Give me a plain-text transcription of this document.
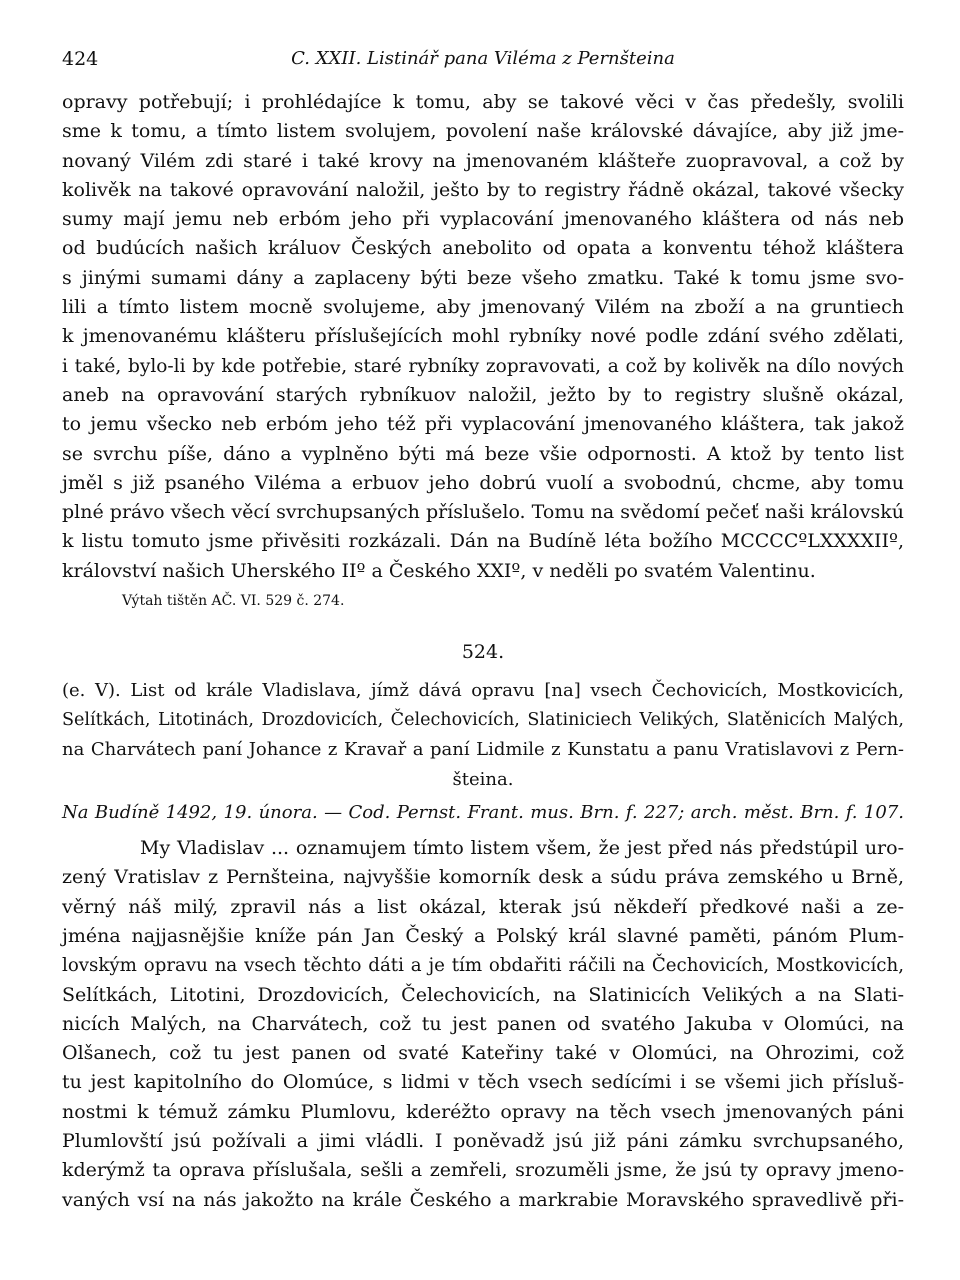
424	C. XXII. Listinář pana Viléma z Pernšteina
opravy potřebují; i prohlédajíce k tomu, aby se takové věci v čas předešly, svolili
sme k tomu, a tímto listem svolujem, povolení naše královské dávajíce, aby již jme-
novaný Vilém zdi staré i také krovy na jmenovaném klášteře zuopravoval, a což by
kolivěk na takové opravování naložil, ješto by to registry řádně okázal, takové všecky
sumy mají jemu neb erbóm jeho při vyplacování jmenovaného kláštera od nás neb
od budúcích našich králuov Českých anebolito od opata a konventu téhož kláštera
s jinými sumami dány a zaplaceny býti beze všeho zmatku. Také k tomu jsme svo-
lili a tímto listem mocně svolujeme, aby jmenovaný Vilém na zboží a na gruntiech
k jmenovanému klášteru příslušejících mohl rybníky nové podle zdání svého zdělati,
i také, bylo-li by kde potřebie, staré rybníky zopravovati, a což by kolivěk na dílo nových
aneb na opravování starých rybníkuov naložil, ježto by to registry slušně okázal,
to jemu všecko neb erbóm jeho též při vyplacování jmenovaného kláštera, tak jakož
se svrchu píše, dáno a vyplněno býti má beze všie odpornosti. A ktož by tento list
jměl s již psaného Viléma a erbuov jeho dobrú vuolí a svobodnú, chcme, aby tomu
plné právo všech věcí svrchupsaných příslušelo. Tomu na svědomí pečeť naši královskú
k listu tomuto jsme přivěsiti rozkázali. Dán na Budíně léta božího MCCCCºLXXXXIIº,
království našich Uherského IIº a Českého XXIº, v neděli po svatém Valentinu.
Výtah tištěn AČ. VI. 529 č. 274.
524.
(e. V). List od krále Vladislava, jímž dává opravu [na] vsech Čechovicích, Mostkovicích,
Selítkách, Litotinách, Drozdovicích, Čelechovicích, Slatiniciech Velikých, Slatěnicích Malých,
na Charvátech paní Johance z Kravař a paní Lidmile z Kunstatu a panu Vratislavovi z Pern-
šteina.
Na Budíně 1492, 19. února. — Cod. Pernst. Frant. mus. Brn. f. 227; arch. měst. Brn. f. 107.
My Vladislav ... oznamujem tímto listem všem, že jest před nás předstúpil uro-
zený Vratislav z Pernšteina, najvyššie komorník desk a súdu práva zemského u Brně,
věrný náš milý, zpravil nás a list okázal, kterak jsú někdeří předkové naši a ze-
jména najjasnějšie kníže pán Jan Český a Polský král slavné paměti, pánóm Plum-
lovským opravu na vsech těchto dáti a je tím obdařiti ráčili na Čechovicích, Mostkovicích,
Selítkách, Litotini, Drozdovicích, Čelechovicích, na Slatinicích Velikých a na Slati-
nicích Malých, na Charvátech, což tu jest panen od svatého Jakuba v Olomúci, na
Olšanech, což tu jest panen od svaté Kateřiny také v Olomúci, na Ohrozimi, což
tu jest kapitolního do Olomúce, s lidmi v těch vsech sedícími i se všemi jich přísluš-
nostmi k témuž zámku Plumlovu, kderéžto opravy na těch vsech jmenovaných páni
Plumlovští jsú požívali a jimi vládli. I poněvadž jsú již páni zámku svrchupsaného,
kderýmž ta oprava příslušala, sešli a zemřeli, srozuměli jsme, že jsú ty opravy jmeno-
vaných vsí na nás jakožto na krále Českého a markrabie Moravského spravedlivě při-
